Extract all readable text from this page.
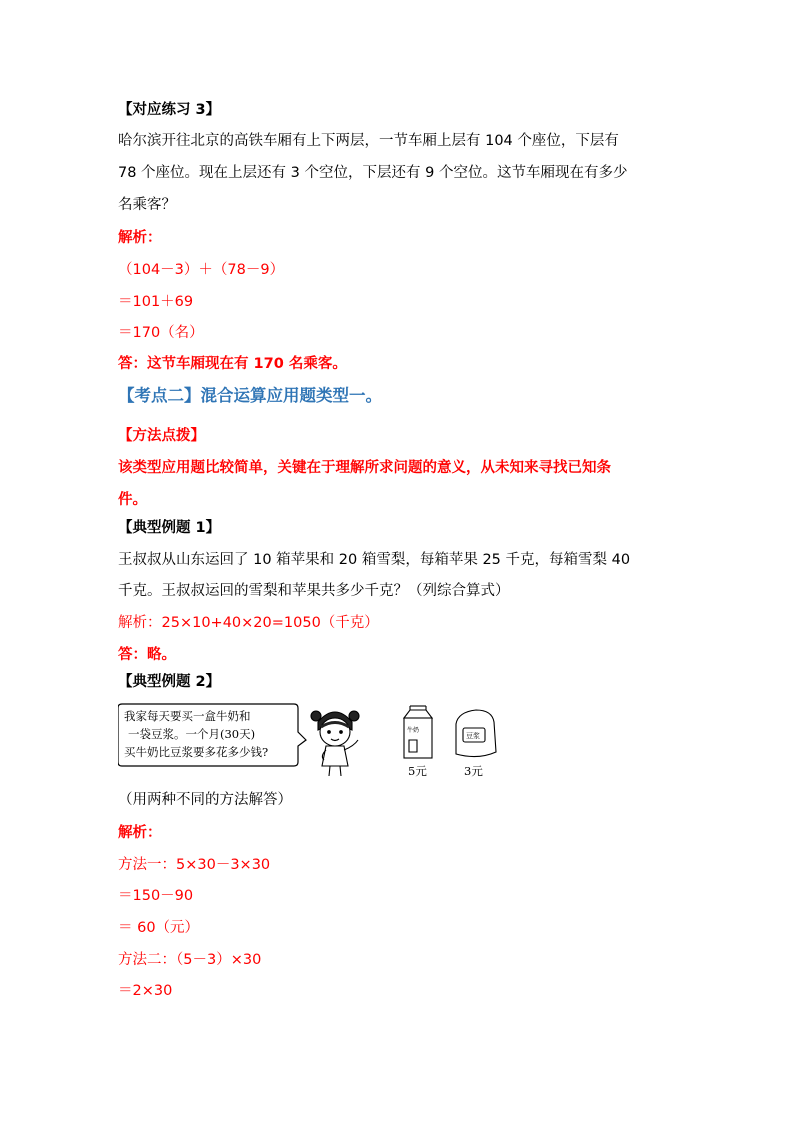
【对应练习 3】
哈尔滨开往北京的高铁车厢有上下两层，一节车厢上层有 104 个座位，下层有
78 个座位。现在上层还有 3 个空位，下层还有 9 个空位。这节车厢现在有多少
名乘客？
解析：
（104－3）＋（78－9）
＝101＋69
＝170（名）
答：这节车厢现在有 170 名乘客。
【考点二】混合运算应用题类型一。
【方法点拨】
该类型应用题比较简单，关键在于理解所求问题的意义，从未知来寻找已知条
件。
【典型例题 1】
王叔叔从山东运回了 10 箱苹果和 20 箱雪梨，每箱苹果 25 千克，每箱雪梨 40
千克。王叔叔运回的雪梨和苹果共多少千克？（列综合算式）
解析：25×10+40×20=1050（千克）
答：略。
【典型例题 2】
我家每天要买一盒牛奶和
一袋豆浆。一个月(30天)
买牛奶比豆浆要多花多少钱?
牛奶
5元
豆浆
3元
（用两种不同的方法解答）
解析：
方法一：5×30－3×30
＝150－90
＝ 60（元）
方法二：（5－3）×30
＝2×30
